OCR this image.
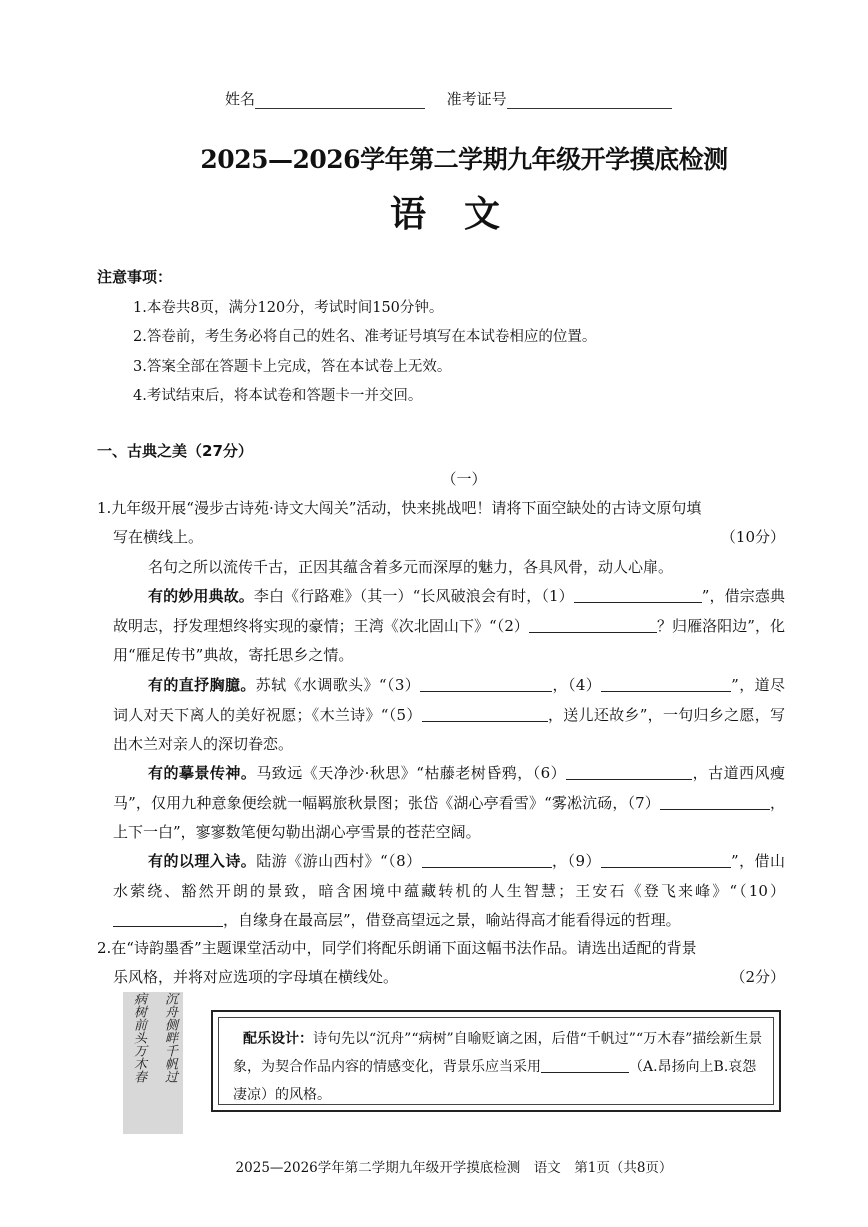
姓名	准考证号
2025—2026学年第二学期九年级开学摸底检测
语文
注意事项：
1.本卷共8页，满分120分，考试时间150分钟。
2.答卷前，考生务必将自己的姓名、准考证号填写在本试卷相应的位置。
3.答案全部在答题卡上完成，答在本试卷上无效。
4.考试结束后，将本试卷和答题卡一并交回。
一、古典之美（27分）
（一）
1.九年级开展“漫步古诗苑·诗文大闯关”活动，快来挑战吧！请将下面空缺处的古诗文原句填
写在横线上。	（10分）
名句之所以流传千古，正因其蕴含着多元而深厚的魅力，各具风骨，动人心扉。
有的妙用典故。李白《行路难》（其一）“长风破浪会有时，（1）	”，借宗悫典故明志，抒发理想终将实现的豪情；王湾《次北固山下》“（2）	？归雁洛阳边”，化用“雁足传书”典故，寄托思乡之情。
有的直抒胸臆。苏轼《水调歌头》“（3）	，（4）	”，道尽词人对天下离人的美好祝愿；《木兰诗》“（5）	，送儿还故乡”，一句归乡之愿，写出木兰对亲人的深切眷恋。
有的摹景传神。马致远《天净沙·秋思》“枯藤老树昏鸦，（6）	，古道西风瘦马”，仅用九种意象便绘就一幅羁旅秋景图；张岱《湖心亭看雪》“雾凇沆砀，（7）	，上下一白”，寥寥数笔便勾勒出湖心亭雪景的苍茫空阔。
有的以理入诗。陆游《游山西村》“（8）	，（9）	”，借山水萦绕、豁然开朗的景致，暗含困境中蕴藏转机的人生智慧；王安石《登飞来峰》“（10），自缘身在最高层”，借登高望远之景，喻站得高才能看得远的哲理。
2.在“诗韵墨香”主题课堂活动中，同学们将配乐朗诵下面这幅书法作品。请选出适配的背景
乐风格，并将对应选项的字母填在横线处。	（2分）
沉舟侧畔千帆过
病树前头万木春	配乐设计：诗句先以“沉舟”“病树”自喻贬谪之困，后借“千帆过”“万木春”描绘新生景象，为契合作品内容的情感变化，背景乐应当采用	（A.昂扬向上B.哀怨凄凉）的风格。
2025—2026学年第二学期九年级开学摸底检测　语文　第1页（共8页）
